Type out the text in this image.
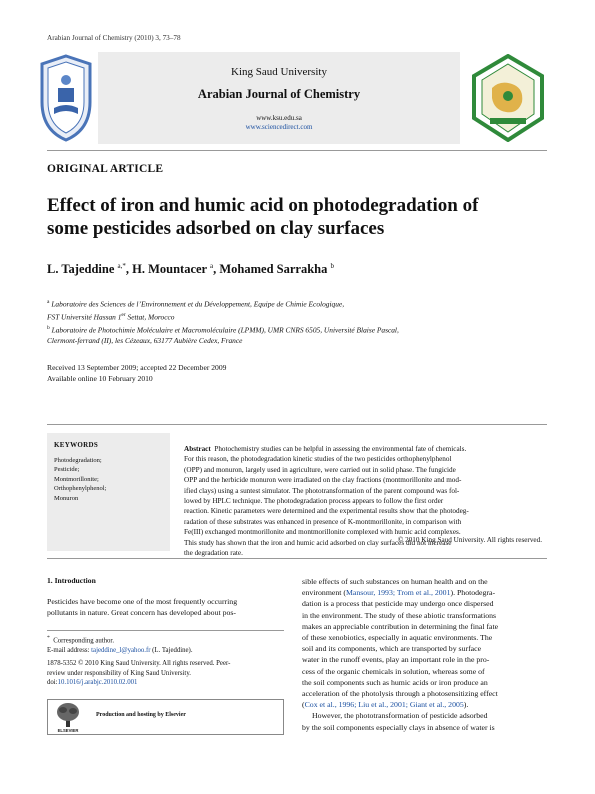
Arabian Journal of Chemistry (2010) 3, 73–78
King Saud University
Arabian Journal of Chemistry
www.ksu.edu.sa
www.sciencedirect.com
ORIGINAL ARTICLE
Effect of iron and humic acid on photodegradation of
some pesticides adsorbed on clay surfaces
L. Tajeddine $^{a,*}$, H. Mountacer $^a$, Mohamed Sarrakha $^b$
$^a$ Laboratoire des Sciences de l’Environnement et du Développement, Equipe de Chimie Ecologique,
FST Université Hassan 1er Settat, Morocco
$^b$ Laboratoire de Photochimie Moléculaire et Macromoléculaire (LPMM), UMR CNRS 6505, Université Blaise Pascal,
Clermont-ferrand (II), les Cézeaux, 63177 Aubière Cedex, France
Received 13 September 2009; accepted 22 December 2009
Available online 10 February 2010
KEYWORDS
Photodegradation;
Pesticide;
Montmorillonite;
Orthophenylphenol;
Monuron
Abstract Photochemistry studies can be helpful in assessing the environmental fate of chemicals.
For this reason, the photodegradation kinetic studies of the two pesticides orthophenylphenol
(OPP) and monuron, largely used in agriculture, were carried out in solid phase. The fungicide
OPP and the herbicide monuron were irradiated on the clay fractions (montmorillonite and mod-
ified clays) using a suntest simulator. The phototransformation of the parent compound was fol-
lowed by HPLC technique. The photodegradation process appears to follow the first order
reaction. Kinetic parameters were determined and the experimental results show that the photodeg-
radation of these substrates was enhanced in presence of K-montmorillonite, in comparison with
Fe(III) exchanged montmorillonite and montmorillonite complexed with humic acid complexes.
This study has shown that the iron and humic acid adsorbed on clay surfaces did not increase
the degradation rate.
© 2010 King Saud University. All rights reserved.
1. Introduction
Pesticides have become one of the most frequently occurring
pollutants in nature. Great concern has developed about pos-
sible effects of such substances on human health and on the
environment (Mansour, 1993; Trom et al., 2001). Photodegra-
dation is a process that pesticide may undergo once dispersed
in the environment. The study of these abiotic transformations
makes an appreciable contribution in determining the final fate
of these xenobiotics, especially in aquatic environments. The
soil and its components, which are transported by surface
water in the runoff events, play an important role in the pro-
cess of the organic chemicals in solution, whereas some of
the soil components such as humic acids or iron produce an
acceleration of the photolysis through a photosensitizing effect
(Cox et al., 1996; Liu et al., 2001; Giant et al., 2005).
However, the phototransformation of pesticide adsorbed
by the soil components especially clays in absence of water is
* Corresponding author.
E-mail address: tajeddine_l@yahoo.fr (L. Tajeddine).
1878-5352 © 2010 King Saud University. All rights reserved. Peer-
review under responsibility of King Saud University.
doi:10.1016/j.arabjc.2010.02.001
ELSEVIER
Production and hosting by Elsevier
